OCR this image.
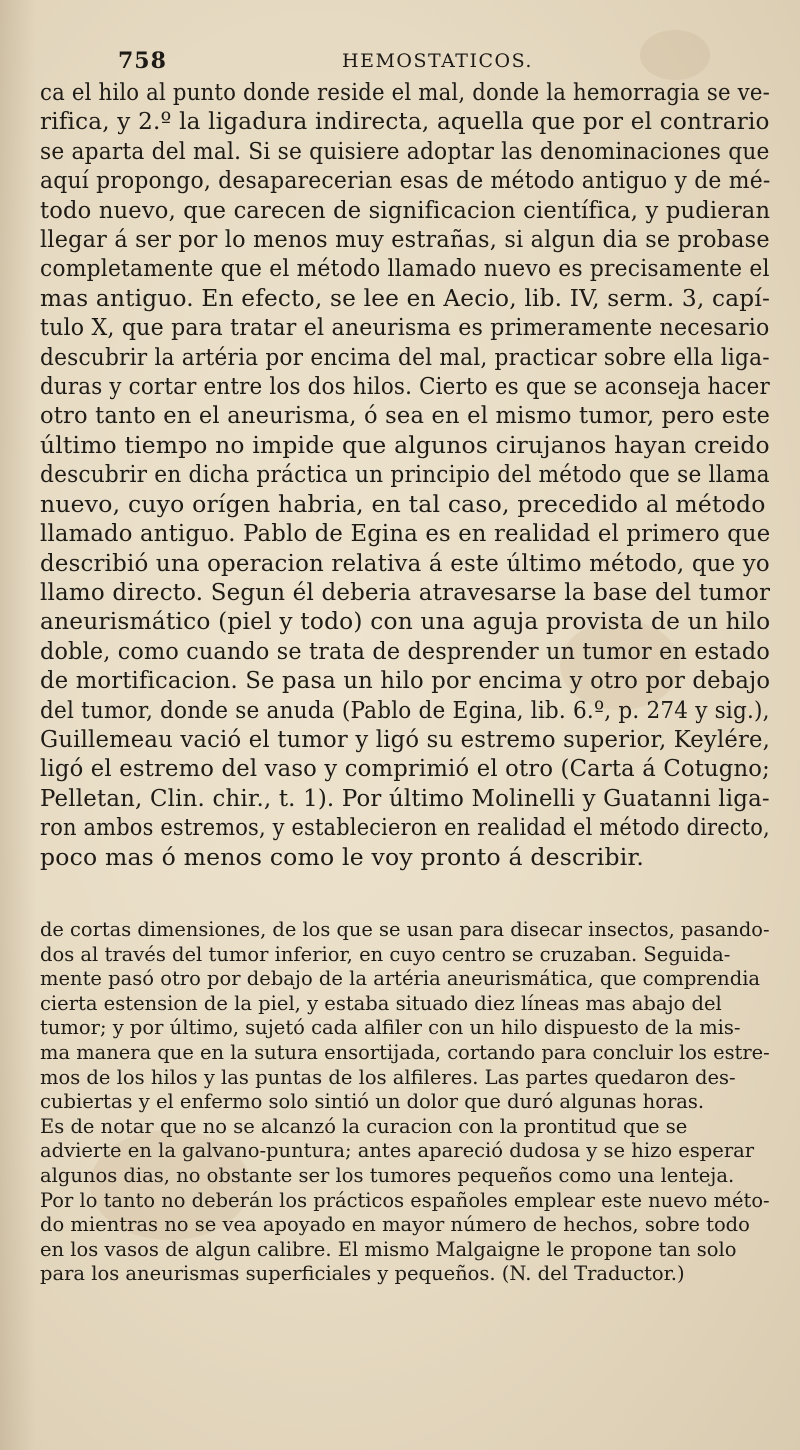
758	HEMOSTATICOS.

ca el hilo al punto donde reside el mal, donde la hemorragia se ve-
rifica, y 2.º la ligadura indirecta, aquella que por el contrario
se aparta del mal. Si se quisiere adoptar las denominaciones que
aquí propongo, desaparecerian esas de método antiguo y de mé-
todo nuevo, que carecen de significacion científica, y pudieran
llegar á ser por lo menos muy estrañas, si algun dia se probase
completamente que el método llamado nuevo es precisamente el
mas antiguo. En efecto, se lee en Aecio, lib. IV, serm. 3, capí-
tulo X, que para tratar el aneurisma es primeramente necesario
descubrir la artéria por encima del mal, practicar sobre ella liga-
duras y cortar entre los dos hilos. Cierto es que se aconseja hacer
otro tanto en el aneurisma, ó sea en el mismo tumor, pero este
último tiempo no impide que algunos cirujanos hayan creido
descubrir en dicha práctica un principio del método que se llama
nuevo, cuyo orígen habria, en tal caso, precedido al método
llamado antiguo. Pablo de Egina es en realidad el primero que
describió una operacion relativa á este último método, que yo
llamo directo. Segun él deberia atravesarse la base del tumor
aneurismático (piel y todo) con una aguja provista de un hilo
doble, como cuando se trata de desprender un tumor en estado
de mortificacion. Se pasa un hilo por encima y otro por debajo
del tumor, donde se anuda (Pablo de Egina, lib. 6.º, p. 274 y sig.),
Guillemeau vació el tumor y ligó su estremo superior, Keylére,
ligó el estremo del vaso y comprimió el otro (Carta á Cotugno;
Pelletan, Clin. chir., t. 1). Por último Molinelli y Guatanni liga-
ron ambos estremos, y establecieron en realidad el método directo,
poco mas ó menos como le voy pronto á describir.

de cortas dimensiones, de los que se usan para disecar insectos, pasando-
dos al través del tumor inferior, en cuyo centro se cruzaban. Seguida-
mente pasó otro por debajo de la artéria aneurismática, que comprendia
cierta estension de la piel, y estaba situado diez líneas mas abajo del
tumor; y por último, sujetó cada alfiler con un hilo dispuesto de la mis-
ma manera que en la sutura ensortijada, cortando para concluir los estre-
mos de los hilos y las puntas de los alfileres. Las partes quedaron des-
cubiertas y el enfermo solo sintió un dolor que duró algunas horas.
Es de notar que no se alcanzó la curacion con la prontitud que se
advierte en la galvano-puntura; antes apareció dudosa y se hizo esperar
algunos dias, no obstante ser los tumores pequeños como una lenteja.
Por lo tanto no deberán los prácticos españoles emplear este nuevo méto-
do mientras no se vea apoyado en mayor número de hechos, sobre todo
en los vasos de algun calibre. El mismo Malgaigne le propone tan solo
para los aneurismas superficiales y pequeños. (N. del Traductor.)
